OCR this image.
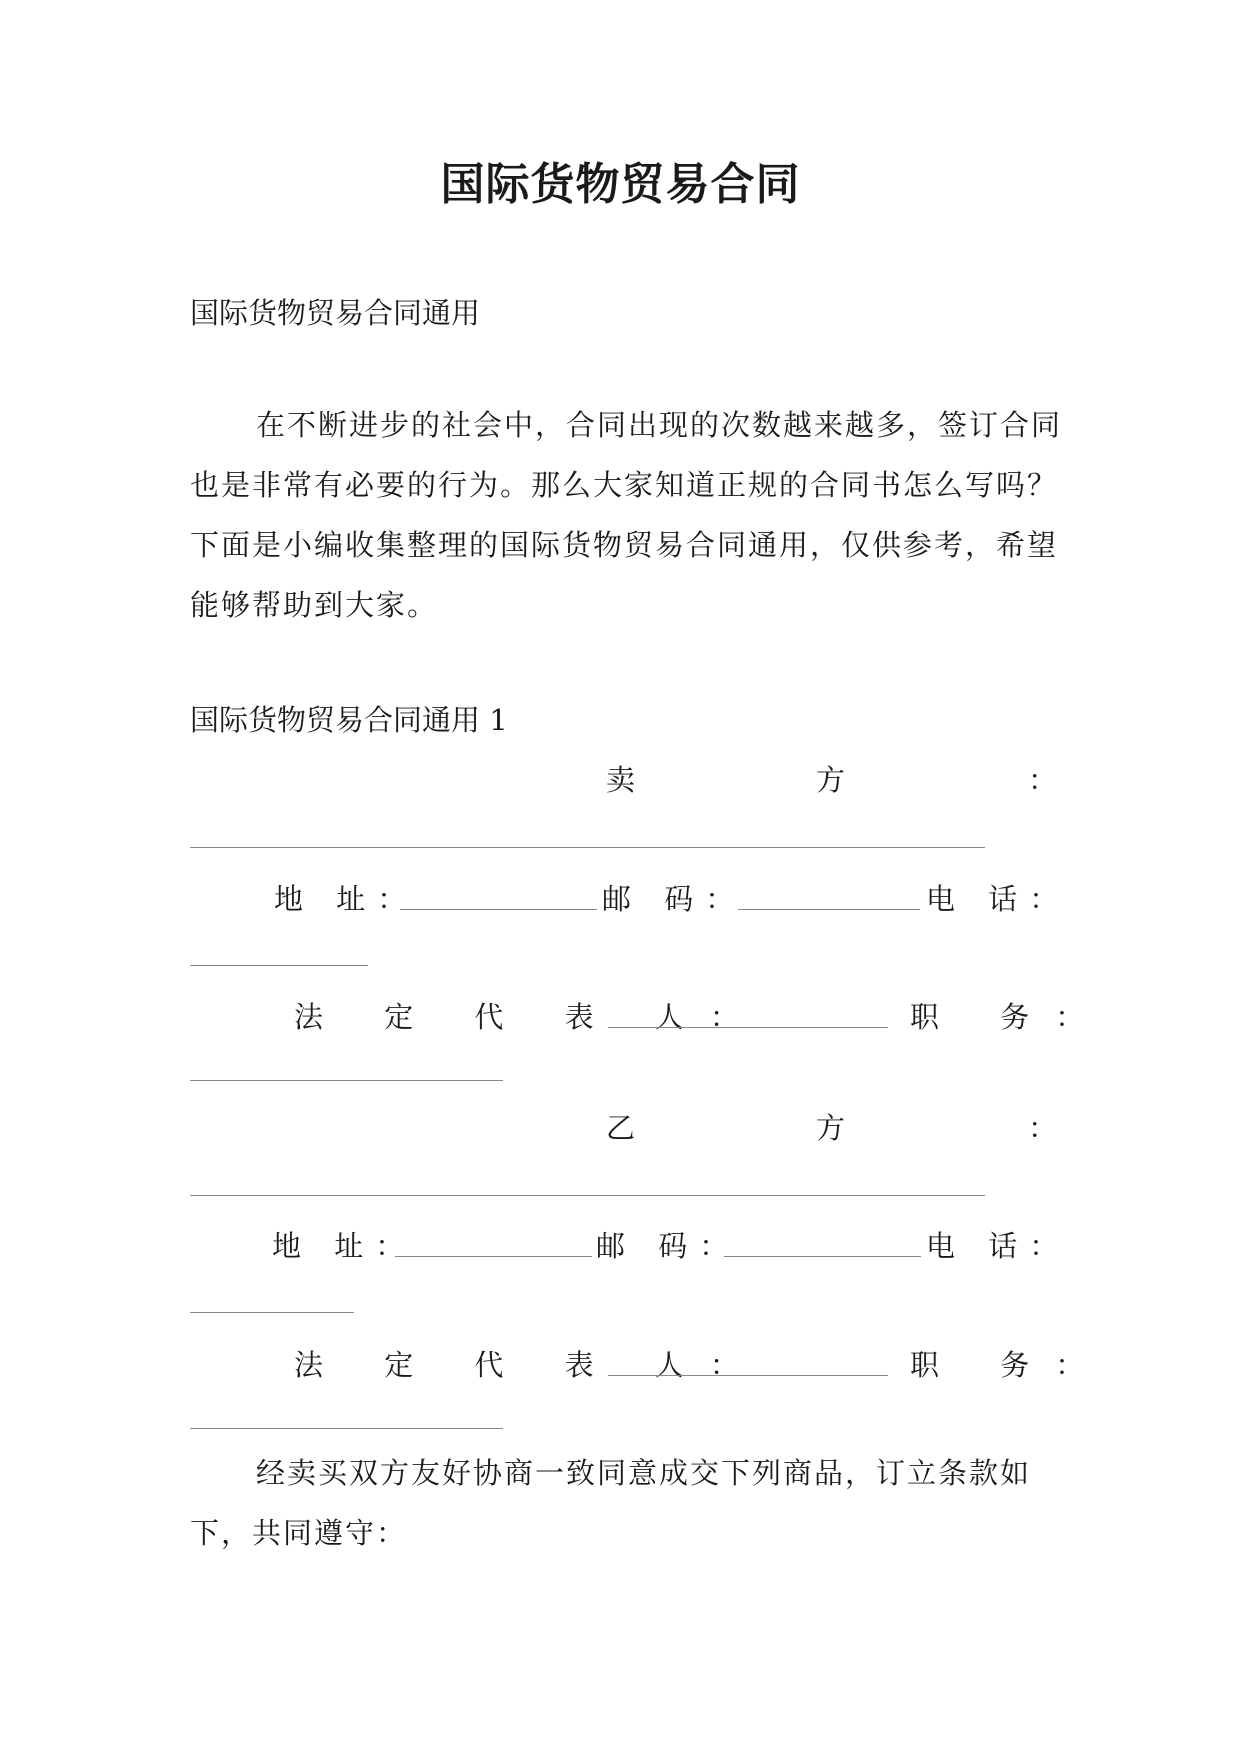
国际货物贸易合同

国际货物贸易合同通用

在不断进步的社会中，合同出现的次数越来越多，签订合同也是非常有必要的行为。那么大家知道正规的合同书怎么写吗？下面是小编收集整理的国际货物贸易合同通用，仅供参考，希望能够帮助到大家。

国际货物贸易合同通用 1

卖	方	：
地 址：	邮 码：	电 话：
法 定 代 表 人：	职 务：
乙	方	：
地 址：	邮 码：	电 话：
法 定 代 表 人：	职 务：

经卖买双方友好协商一致同意成交下列商品，订立条款如下，共同遵守：
